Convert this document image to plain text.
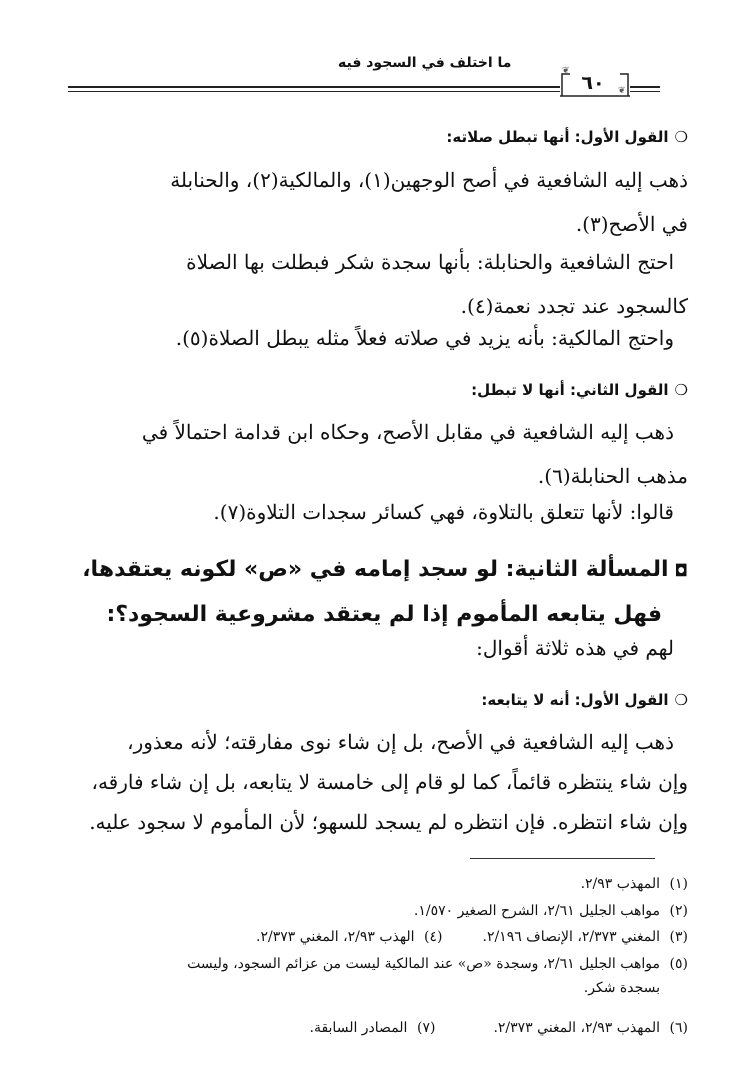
ما اختلف في السجود فيه	❦
❦
٦٠
❍القول الأول: أنها تبطل صلاته:
ذهب إليه الشافعية في أصح الوجهين(١)، والمالكية(٢)، والحنابلة
في الأصح(٣).
احتج الشافعية والحنابلة: بأنها سجدة شكر فبطلت بها الصلاة
كالسجود عند تجدد نعمة(٤).
واحتج المالكية: بأنه يزيد في صلاته فعلاً مثله يبطل الصلاة(٥).
❍القول الثاني: أنها لا تبطل:
ذهب إليه الشافعية في مقابل الأصح، وحكاه ابن قدامة احتمالاً في
مذهب الحنابلة(٦).
قالوا: لأنها تتعلق بالتلاوة، فهي كسائر سجدات التلاوة(٧).
◘المسألة الثانية: لو سجد إمامه في «ص» لكونه يعتقدها،
فهل يتابعه المأموم إذا لم يعتقد مشروعية السجود؟:
لهم في هذه ثلاثة أقوال:
❍القول الأول: أنه لا يتابعه:
ذهب إليه الشافعية في الأصح، بل إن شاء نوى مفارقته؛ لأنه معذور،
وإن شاء ينتظره قائماً، كما لو قام إلى خامسة لا يتابعه، بل إن شاء فارقه،
وإن شاء انتظره. فإن انتظره لم يسجد للسهو؛ لأن المأموم لا سجود عليه.
(١)المهذب ٢/٩٣.
(٢)مواهب الجليل ٢/٦١، الشرح الصغير ١/٥٧٠.
(٣)المغني ٢/٣٧٣، الإنصاف ٢/١٩٦.(٤)الهذب ٢/٩٣، المغني ٢/٣٧٣.
(٥)مواهب الجليل ٢/٦١، وسجدة «ص» عند المالكية ليست من عزائم السجود، وليست
بسجدة شكر.
(٦)المهذب ٢/٩٣، المغني ٢/٣٧٣.(٧)المصادر السابقة.
